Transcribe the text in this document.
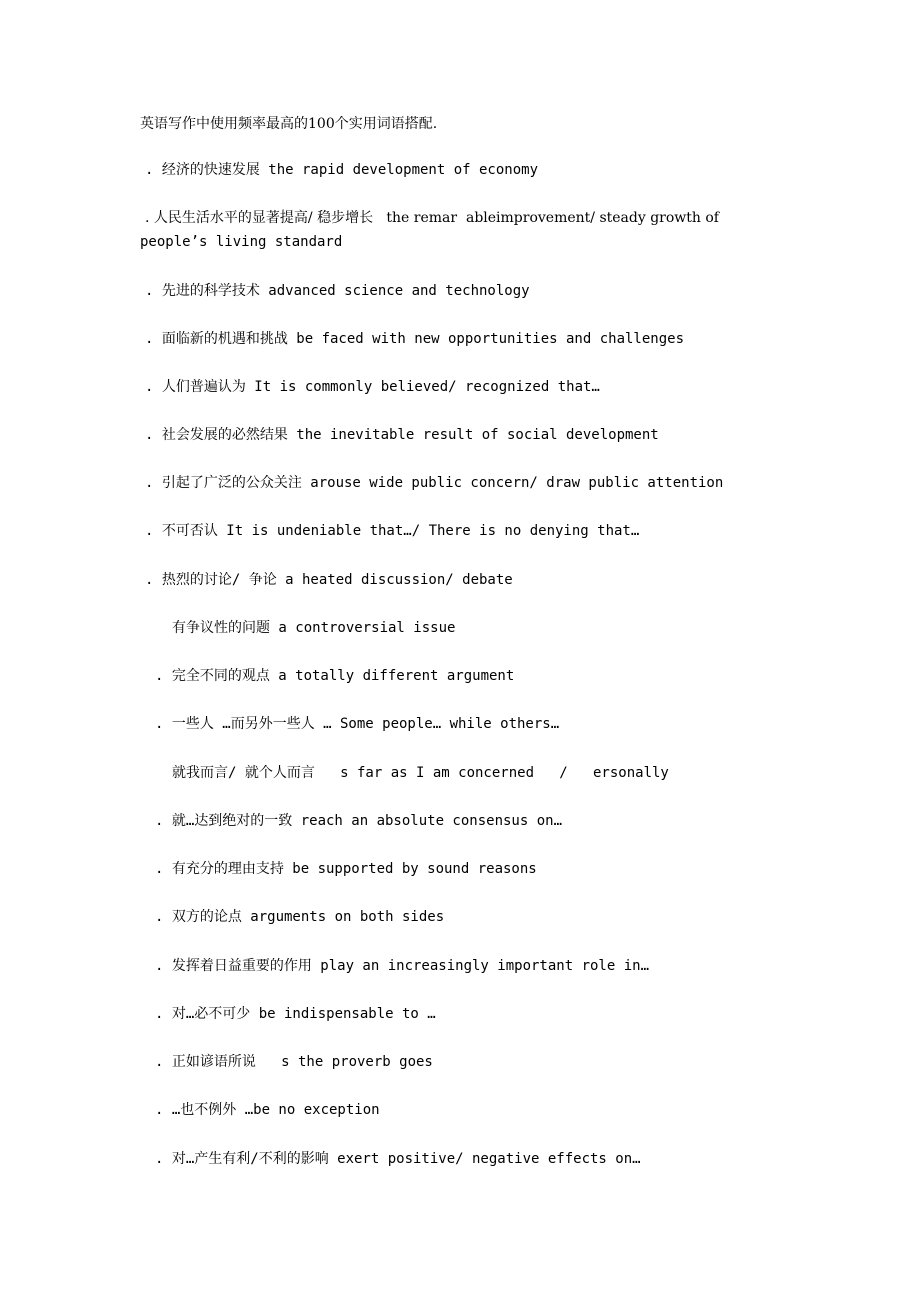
英语写作中使用频率最高的100个实用词语搭配.
. 经济的快速发展 the rapid development of economy
. 人民生活水平的显著提高/ 稳步增长   the remar  ableimprovement/ steady growth of
people’s living standard
. 先进的科学技术 advanced science and technology
. 面临新的机遇和挑战 be faced with new opportunities and challenges
. 人们普遍认为 It is commonly believed/ recognized that…
. 社会发展的必然结果 the inevitable result of social development
. 引起了广泛的公众关注 arouse wide public concern/ draw public attention
. 不可否认 It is undeniable that…/ There is no denying that…
. 热烈的讨论/ 争论 a heated discussion/ debate
有争议性的问题 a controversial issue
. 完全不同的观点 a totally different argument
. 一些人 …而另外一些人 … Some people… while others…
就我而言/ 就个人而言   s far as I am concerned   /   ersonally
. 就…达到绝对的一致 reach an absolute consensus on…
. 有充分的理由支持 be supported by sound reasons
. 双方的论点 arguments on both sides
. 发挥着日益重要的作用 play an increasingly important role in…
. 对…必不可少 be indispensable to …
. 正如谚语所说   s the proverb goes
. …也不例外 …be no exception
. 对…产生有利/不利的影响 exert positive/ negative effects on…
